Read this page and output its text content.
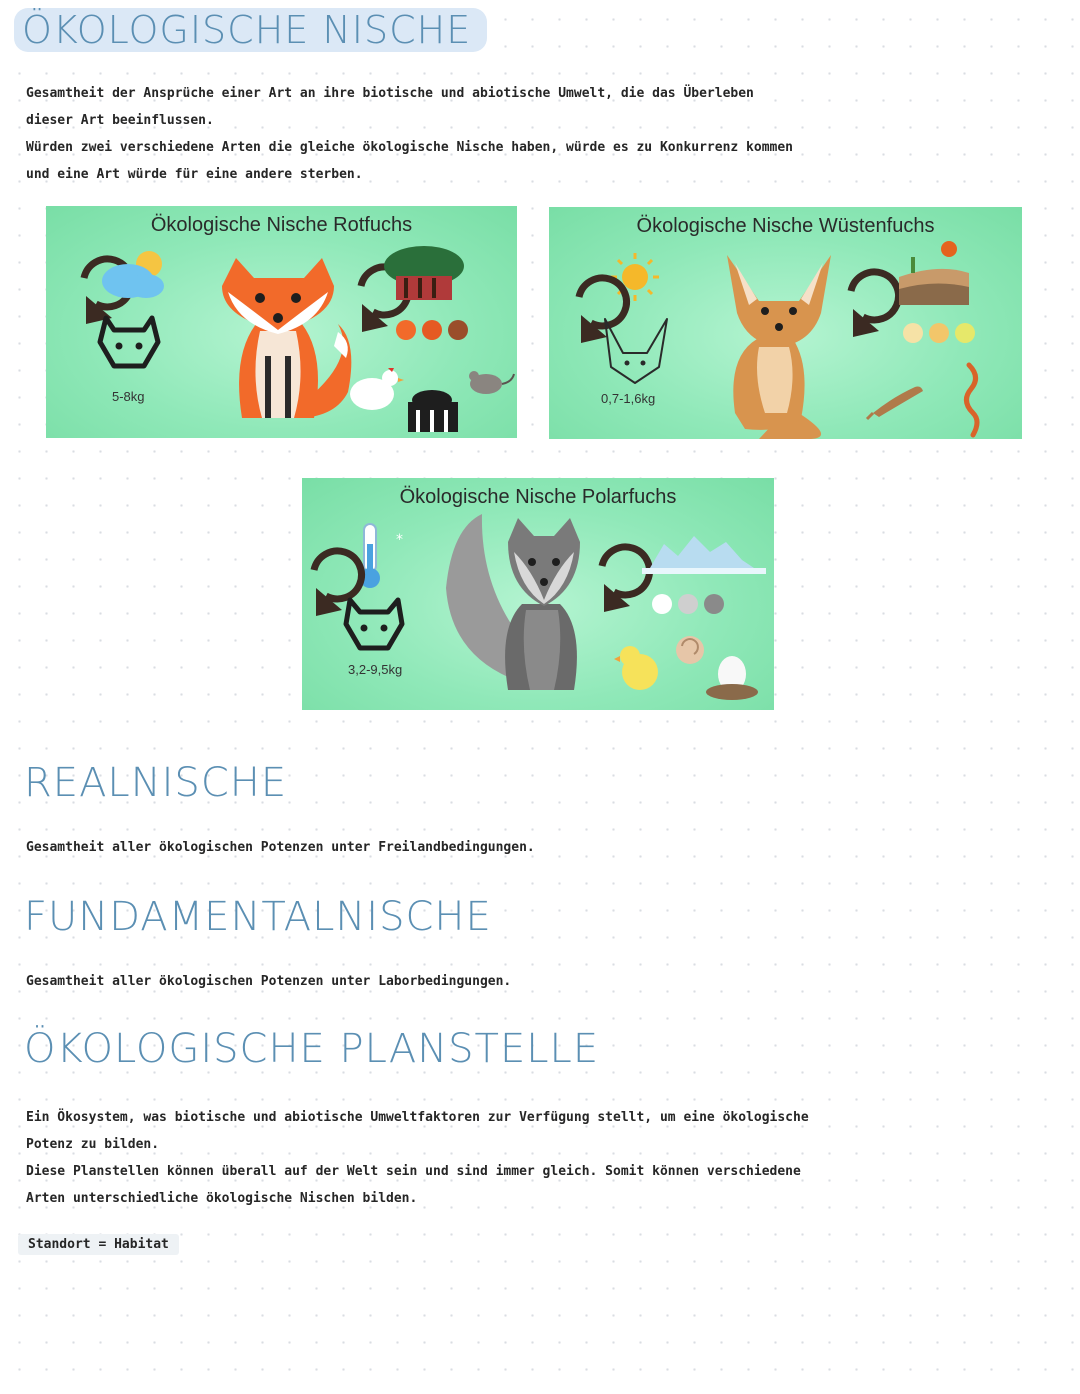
ÖKOLOGISCHE NISCHE
Gesamtheit der Ansprüche einer Art an ihre biotische und abiotische Umwelt, die das Überleben
dieser Art beeinflussen.
Würden zwei verschiedene Arten die gleiche ökologische Nische haben, würde es zu Konkurrenz kommen
und eine Art würde für eine andere sterben.
Ökologische Nische Rotfuchs
5-8kg
Ökologische Nische Wüstenfuchs
0,7-1,6kg
Ökologische Nische Polarfuchs
*
3,2-9,5kg
REALNISCHE

Gesamtheit aller ökologischen Potenzen unter Freilandbedingungen.

FUNDAMENTALNISCHE

Gesamtheit aller ökologischen Potenzen unter Laborbedingungen.

ÖKOLOGISCHE PLANSTELLE
Ein Ökosystem, was biotische und abiotische Umweltfaktoren zur Verfügung stellt, um eine ökologische
Potenz zu bilden.
Diese Planstellen können überall auf der Welt sein und sind immer gleich. Somit können verschiedene
Arten unterschiedliche ökologische Nischen bilden.
Standort = Habitat
